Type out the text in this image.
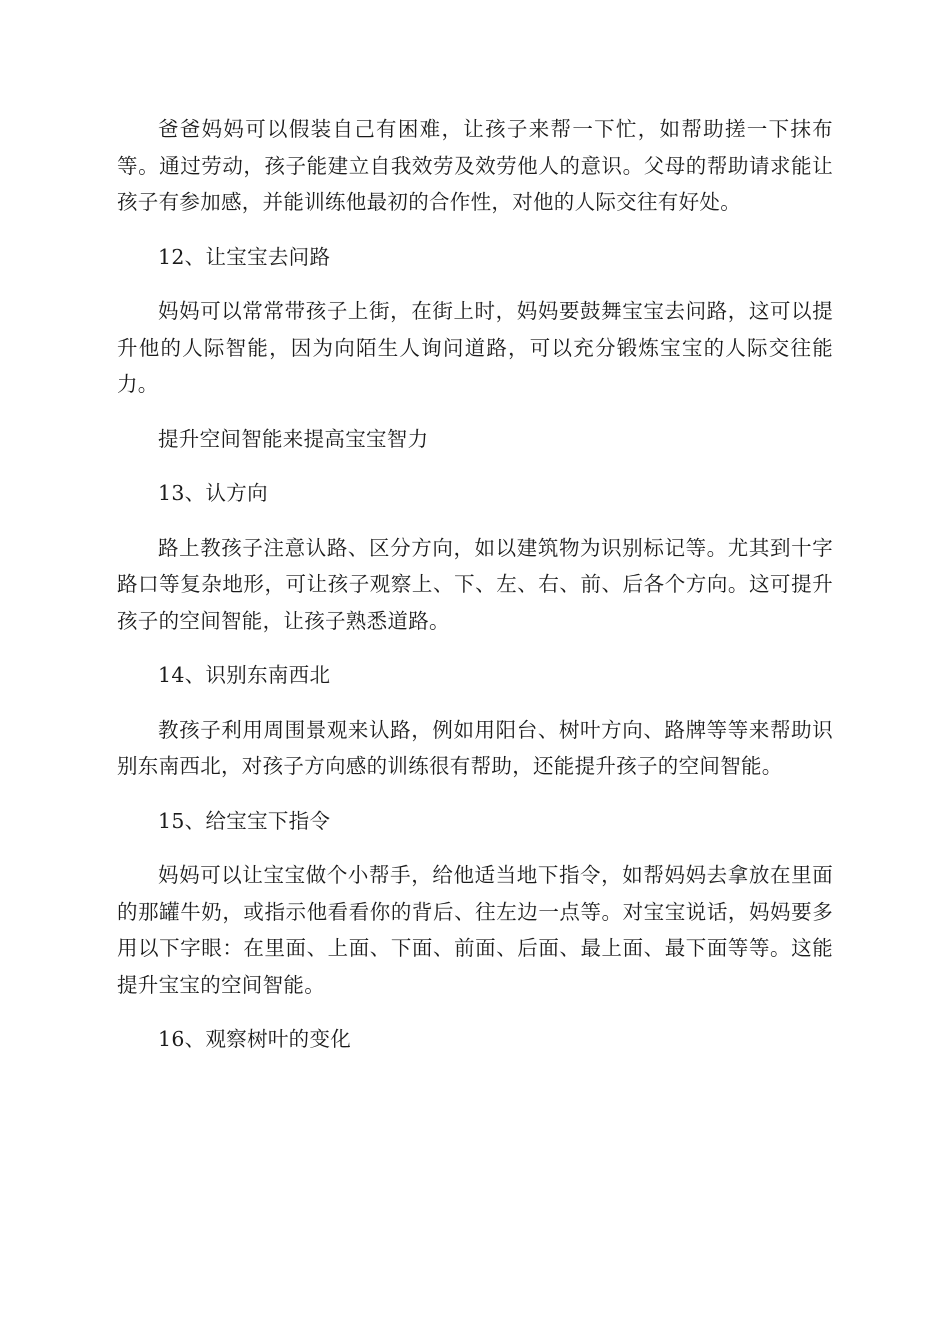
爸爸妈妈可以假装自己有困难，让孩子来帮一下忙，如帮助搓一下抹布等。通过劳动，孩子能建立自我效劳及效劳他人的意识。父母的帮助请求能让孩子有参加感，并能训练他最初的合作性，对他的人际交往有好处。

12、让宝宝去问路

妈妈可以常常带孩子上街，在街上时，妈妈要鼓舞宝宝去问路，这可以提升他的人际智能，因为向陌生人询问道路，可以充分锻炼宝宝的人际交往能力。

提升空间智能来提高宝宝智力

13、认方向

路上教孩子注意认路、区分方向，如以建筑物为识别标记等。尤其到十字路口等复杂地形，可让孩子观察上、下、左、右、前、后各个方向。这可提升孩子的空间智能，让孩子熟悉道路。

14、识别东南西北

教孩子利用周围景观来认路，例如用阳台、树叶方向、路牌等等来帮助识别东南西北，对孩子方向感的训练很有帮助，还能提升孩子的空间智能。

15、给宝宝下指令

妈妈可以让宝宝做个小帮手，给他适当地下指令，如帮妈妈去拿放在里面的那罐牛奶，或指示他看看你的背后、往左边一点等。对宝宝说话，妈妈要多用以下字眼：在里面、上面、下面、前面、后面、最上面、最下面等等。这能提升宝宝的空间智能。

16、观察树叶的变化
